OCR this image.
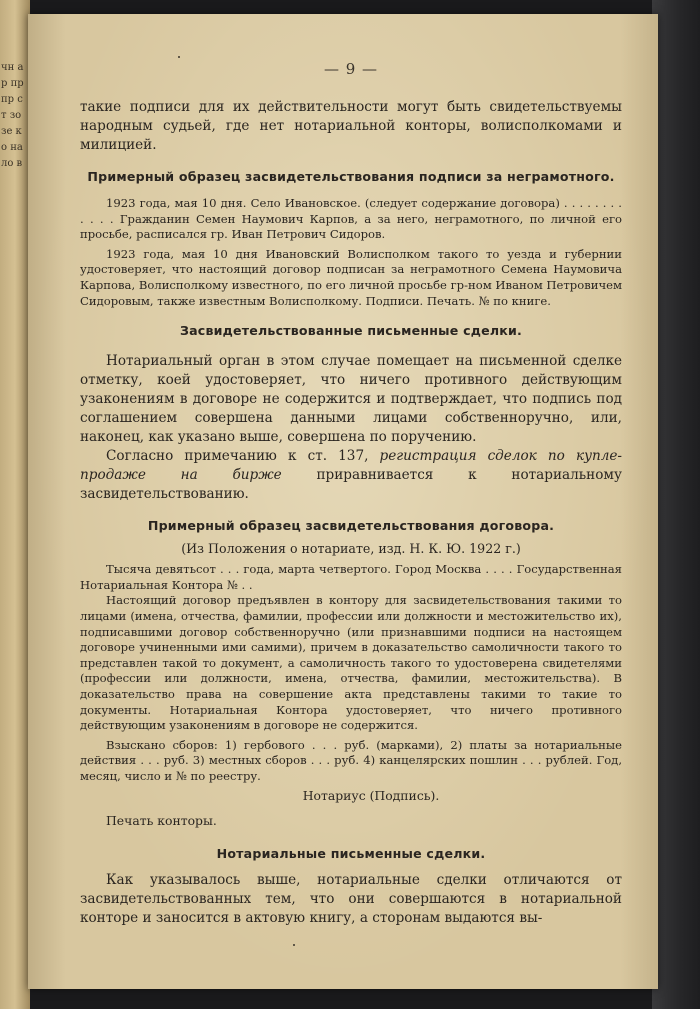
чн а р пр пр ст зо зе ко на ло в
— 9 —

такие подписи для их действительности могут быть свидетельствуемы народным судьей, где нет нотариальной конторы, волисполкомами и милицией.

Примерный образец засвидетельствования подписи за неграмотного.

1923 года, мая 10 дня. Село Ивановское. (следует содержание договора) . . . . . . . . . . . . Гражданин Семен Наумович Карпов, а за него, неграмотного, по личной его просьбе, расписался гр. Иван Петрович Сидоров.

1923 года, мая 10 дня Ивановский Волисполком такого то уезда и губернии удостоверяет, что настоящий договор подписан за неграмотного Семена Наумовича Карпова, Волисполкому известного, по его личной просьбе гр-ном Иваном Петровичем Сидоровым, также известным Волисполкому. Подписи. Печать. № по книге.

Засвидетельствованные письменные сделки.

Нотариальный орган в этом случае помещает на письменной сделке отметку, коей удостоверяет, что ничего противного действующим узаконениям в договоре не содержится и подтверждает, что подпись под соглашением совершена данными лицами собственноручно, или, наконец, как указано выше, совершена по поручению.

Согласно примечанию к ст. 137, регистрация сделок по купле-продаже на бирже	приравнивается к нотариальному засвидетельствованию.

Примерный образец засвидетельствования договора.
(Из Положения о нотариате, изд. Н. К. Ю. 1922 г.)

Тысяча девятьсот . . . года, марта четвертого. Город Москва . . . . Государственная Нотариальная Контора № . .

Настоящий договор предъявлен в контору для засвидетельствования такими то лицами (имена, отчества, фамилии, профессии или должности и местожительство их), подписавшими договор собственноручно (или признавшими подписи на настоящем договоре учиненными ими самими), причем в доказательство самоличности такого то представлен такой то документ, а самоличность такого то удостоверена свидетелями (профессии или должности, имена, отчества, фамилии, местожительства). В доказательство права на совершение акта представлены такими то такие то документы. Нотариальная Контора удостоверяет, что ничего противного действующим узаконениям в договоре не содержится.

Взыскано сборов: 1) гербового . . . руб. (марками), 2) платы за нотариальные действия . . . руб. 3) местных сборов . . . руб. 4) канцелярских пошлин . . . рублей. Год, месяц, число и № по реестру.

Нотариус (Подпись).
Печать конторы.
Нотариальные письменные сделки.

Как указывалось выше, нотариальные сделки отличаются от засвидетельствованных тем, что они совершаются в нотариальной конторе и заносится в актовую книгу, а сторонам выдаются вы-
